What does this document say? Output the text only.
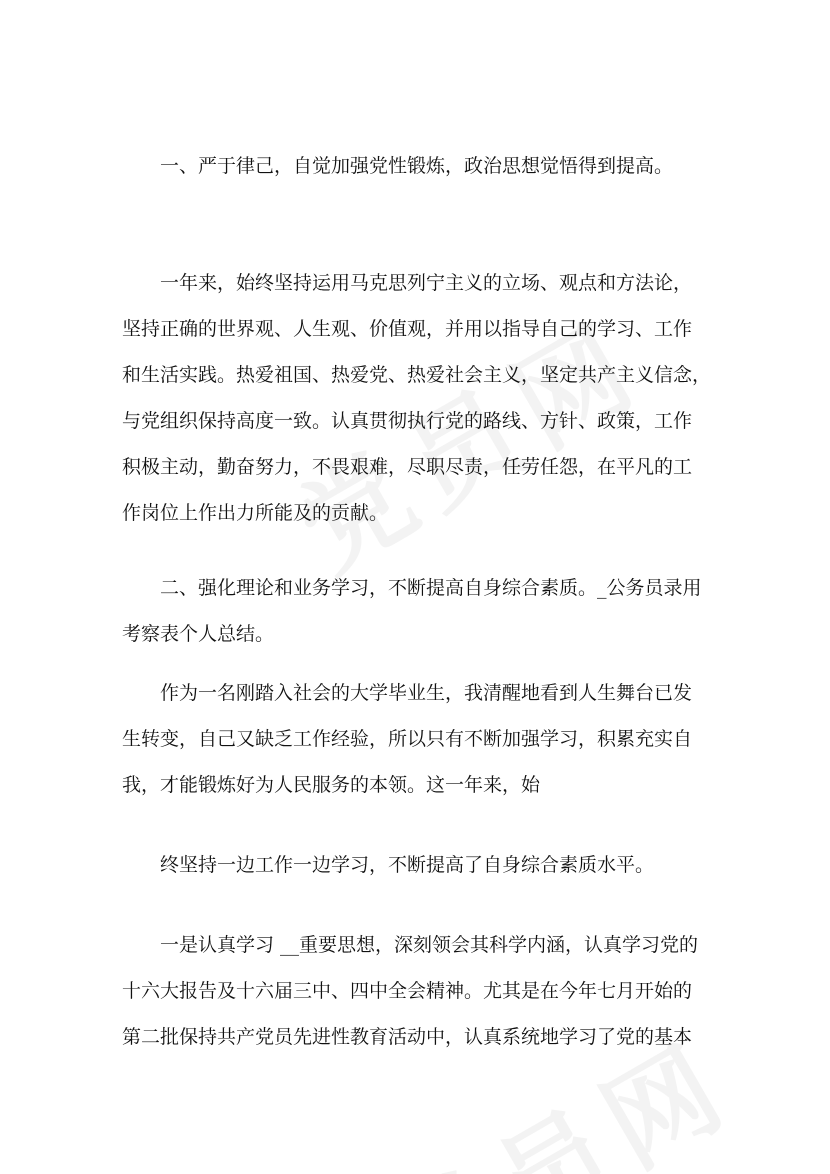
　　一、严于律己，自觉加强党性锻炼，政治思想觉悟得到提高。
　　一年来，始终坚持运用马克思列宁主义的立场、观点和方法论，
坚持正确的世界观、人生观、价值观，并用以指导自己的学习、工作
和生活实践。热爱祖国、热爱党、热爱社会主义，坚定共产主义信念，
与党组织保持高度一致。认真贯彻执行党的路线、方针、政策，工作
积极主动，勤奋努力，不畏艰难，尽职尽责，任劳任怨，在平凡的工
作岗位上作出力所能及的贡献。
　　二、强化理论和业务学习，不断提高自身综合素质。_公务员录用
考察表个人总结。
　　作为一名刚踏入社会的大学毕业生，我清醒地看到人生舞台已发
生转变，自己又缺乏工作经验，所以只有不断加强学习，积累充实自
我，才能锻炼好为人民服务的本领。这一年来，始
　　终坚持一边工作一边学习，不断提高了自身综合素质水平。
　　一是认真学习 __重要思想，深刻领会其科学内涵，认真学习党的
十六大报告及十六届三中、四中全会精神。尤其是在今年七月开始的
第二批保持共产党员先进性教育活动中，认真系统地学习了党的基本
